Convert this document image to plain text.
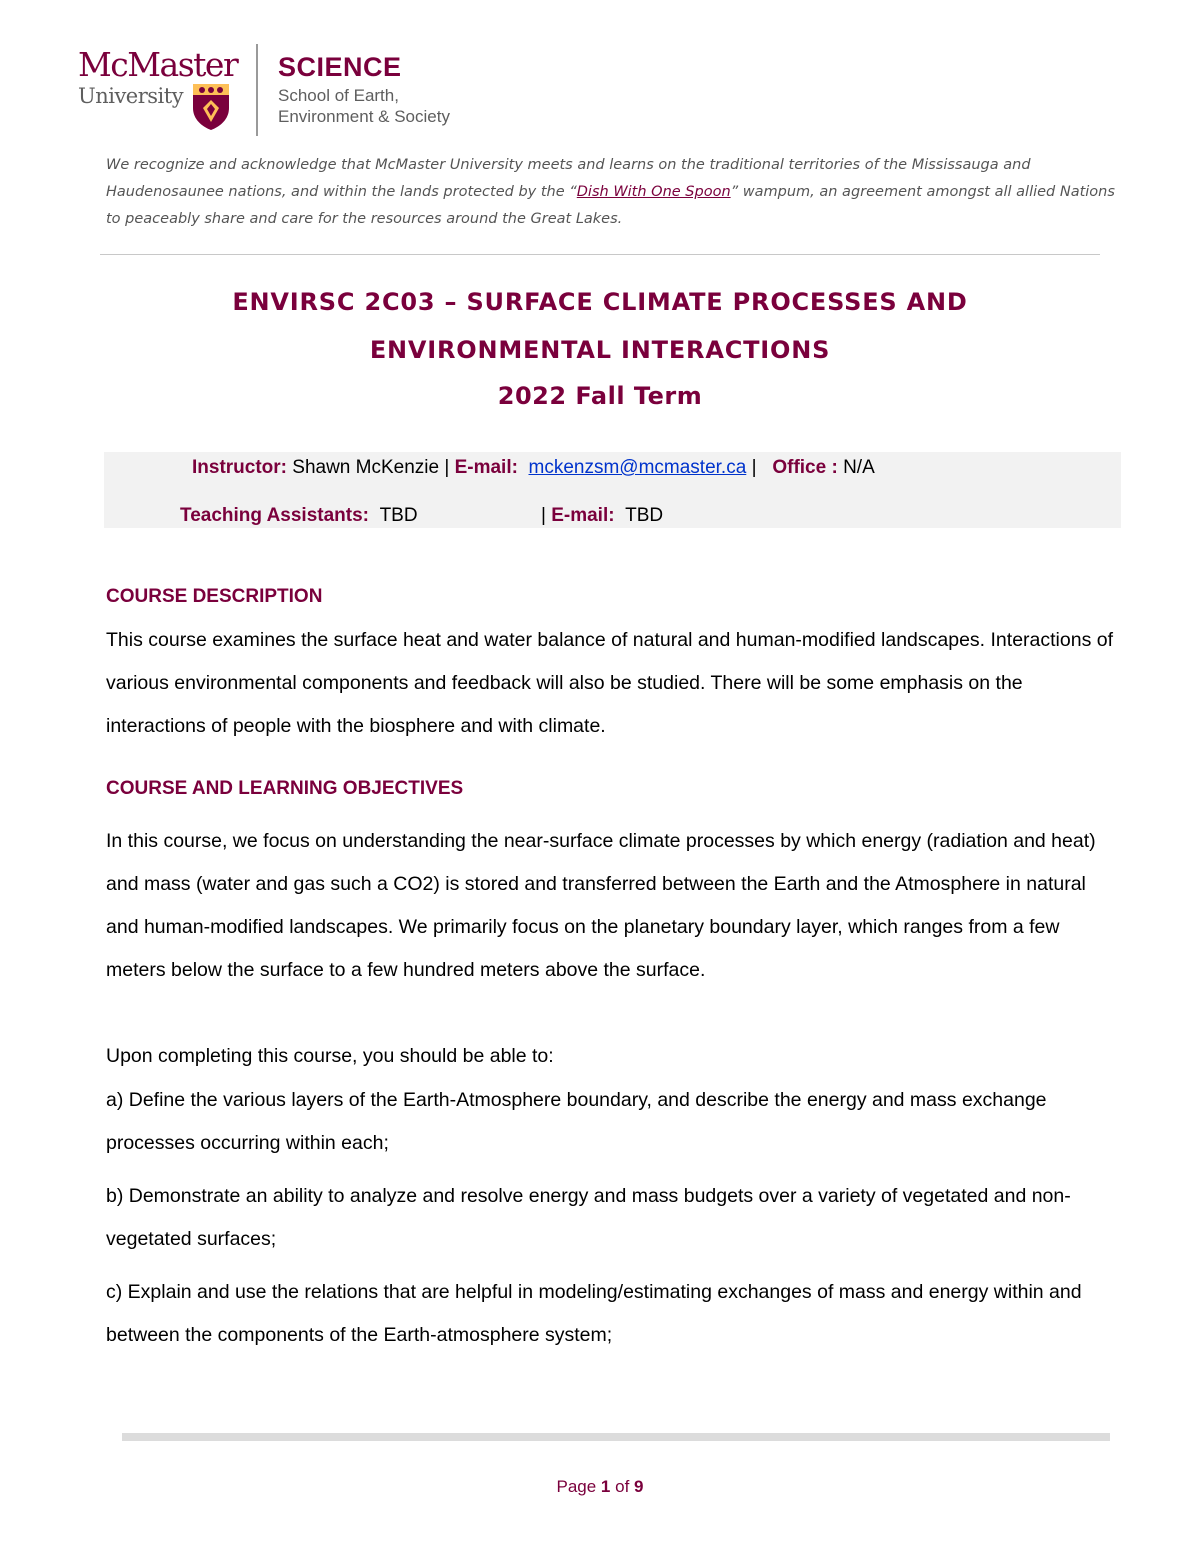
McMaster
University
SCIENCE
School of Earth,
Environment & Society
We recognize and acknowledge that McMaster University meets and learns on the traditional territories of the Mississauga and Haudenosaunee nations, and within the lands protected by the “Dish With One Spoon” wampum, an agreement amongst all allied Nations to peaceably share and care for the resources around the Great Lakes.
ENVIRSC 2C03 – SURFACE CLIMATE PROCESSES AND
ENVIRONMENTAL INTERACTIONS
2022 Fall Term
Instructor: Shawn McKenzie | E-mail: mckenzsm@mcmaster.ca | Office : N/A
Teaching Assistants: TBD	| E-mail: TBD
COURSE DESCRIPTION
This course examines the surface heat and water balance of natural and human-modified landscapes. Interactions of various environmental components and feedback will also be studied. There will be some emphasis on the interactions of people with the biosphere and with climate.
COURSE AND LEARNING OBJECTIVES
In this course, we focus on understanding the near-surface climate processes by which energy (radiation and heat) and mass (water and gas such a CO2) is stored and transferred between the Earth and the Atmosphere in natural and human-modified landscapes. We primarily focus on the planetary boundary layer, which ranges from a few meters below the surface to a few hundred meters above the surface.
Upon completing this course, you should be able to:
a) Define the various layers of the Earth-Atmosphere boundary, and describe the energy and mass exchange processes occurring within each;
b) Demonstrate an ability to analyze and resolve energy and mass budgets over a variety of vegetated and non-vegetated surfaces;
c) Explain and use the relations that are helpful in modeling/estimating exchanges of mass and energy within and between the components of the Earth-atmosphere system;
Page 1 of 9
